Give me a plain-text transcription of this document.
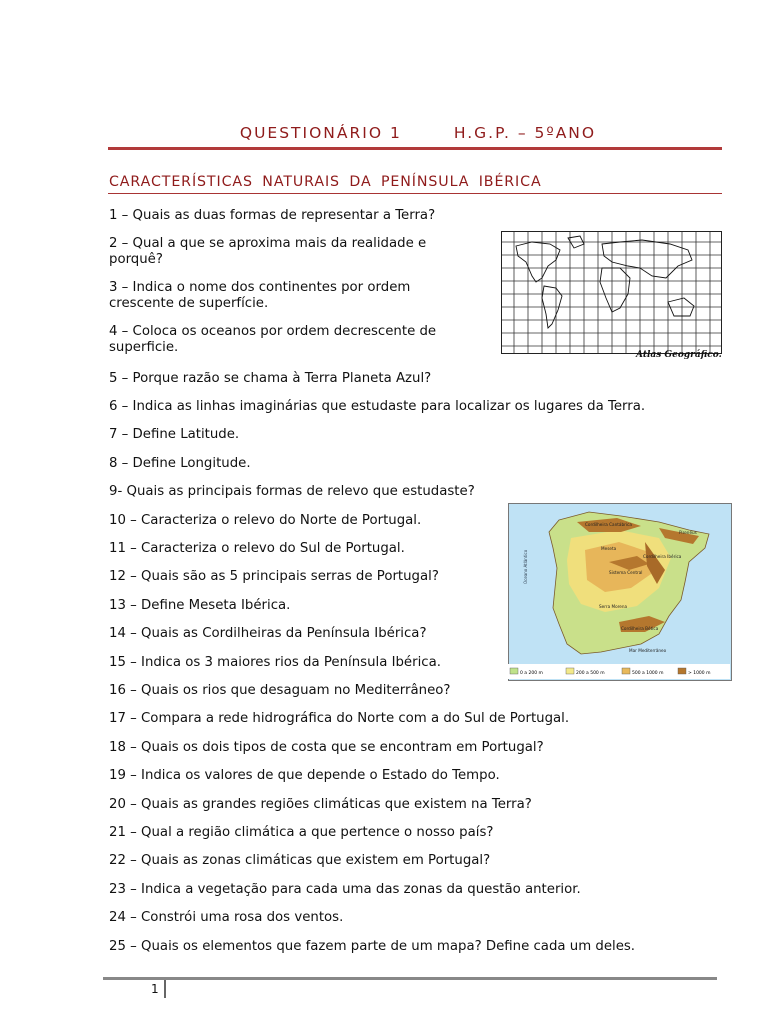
QUESTIONÁRIO 1	H.G.P. – 5ºANO
CARACTERÍSTICAS NATURAIS DA PENÍNSULA IBÉRICA
1 – Quais as duas formas de representar a Terra?
2 – Qual a que se aproxima mais da realidade e porquê?
3 – Indica o nome dos continentes por ordem crescente de superfície.
4 – Coloca os oceanos por ordem decrescente de superficie.
5 – Porque razão se chama à Terra Planeta Azul?
6 – Indica as linhas imaginárias que estudaste para localizar os lugares da Terra.
7 – Define Latitude.
8 – Define Longitude.
9- Quais as principais formas de relevo que estudaste?
10 – Caracteriza o relevo do Norte de Portugal.
11 – Caracteriza o relevo do Sul de Portugal.
12 – Quais são as 5 principais serras de Portugal?
13 – Define Meseta Ibérica.
14 – Quais as Cordilheiras da Península Ibérica?
15 – Indica os 3 maiores rios da Península Ibérica.
16 – Quais os rios que desaguam no Mediterrâneo?
17 – Compara a rede hidrográfica do Norte com a do Sul de Portugal.
18 – Quais os dois tipos de costa que se encontram em Portugal?
19 – Indica os valores de que depende o Estado do Tempo.
20 – Quais as grandes regiões climáticas que existem na Terra?
21 – Qual a região climática a que pertence o nosso país?
22 – Quais as zonas climáticas que existem em Portugal?
23 – Indica a vegetação para cada uma das zonas da questão anterior.
24 – Constrói uma rosa dos ventos.
25 – Quais os elementos que fazem parte de um mapa? Define cada um deles.
Atlas Geográfico.
Cordilheira Cantábrica
Pirenéus
Meseta
Sistema Central
Cordilheira Ibérica
Serra Morena
Cordilheira Bética
Mar Mediterrâneo
Oceano Atlântico
0 a 200 m	200 a 500 m	500 a 1000 m	> 1000 m
1
